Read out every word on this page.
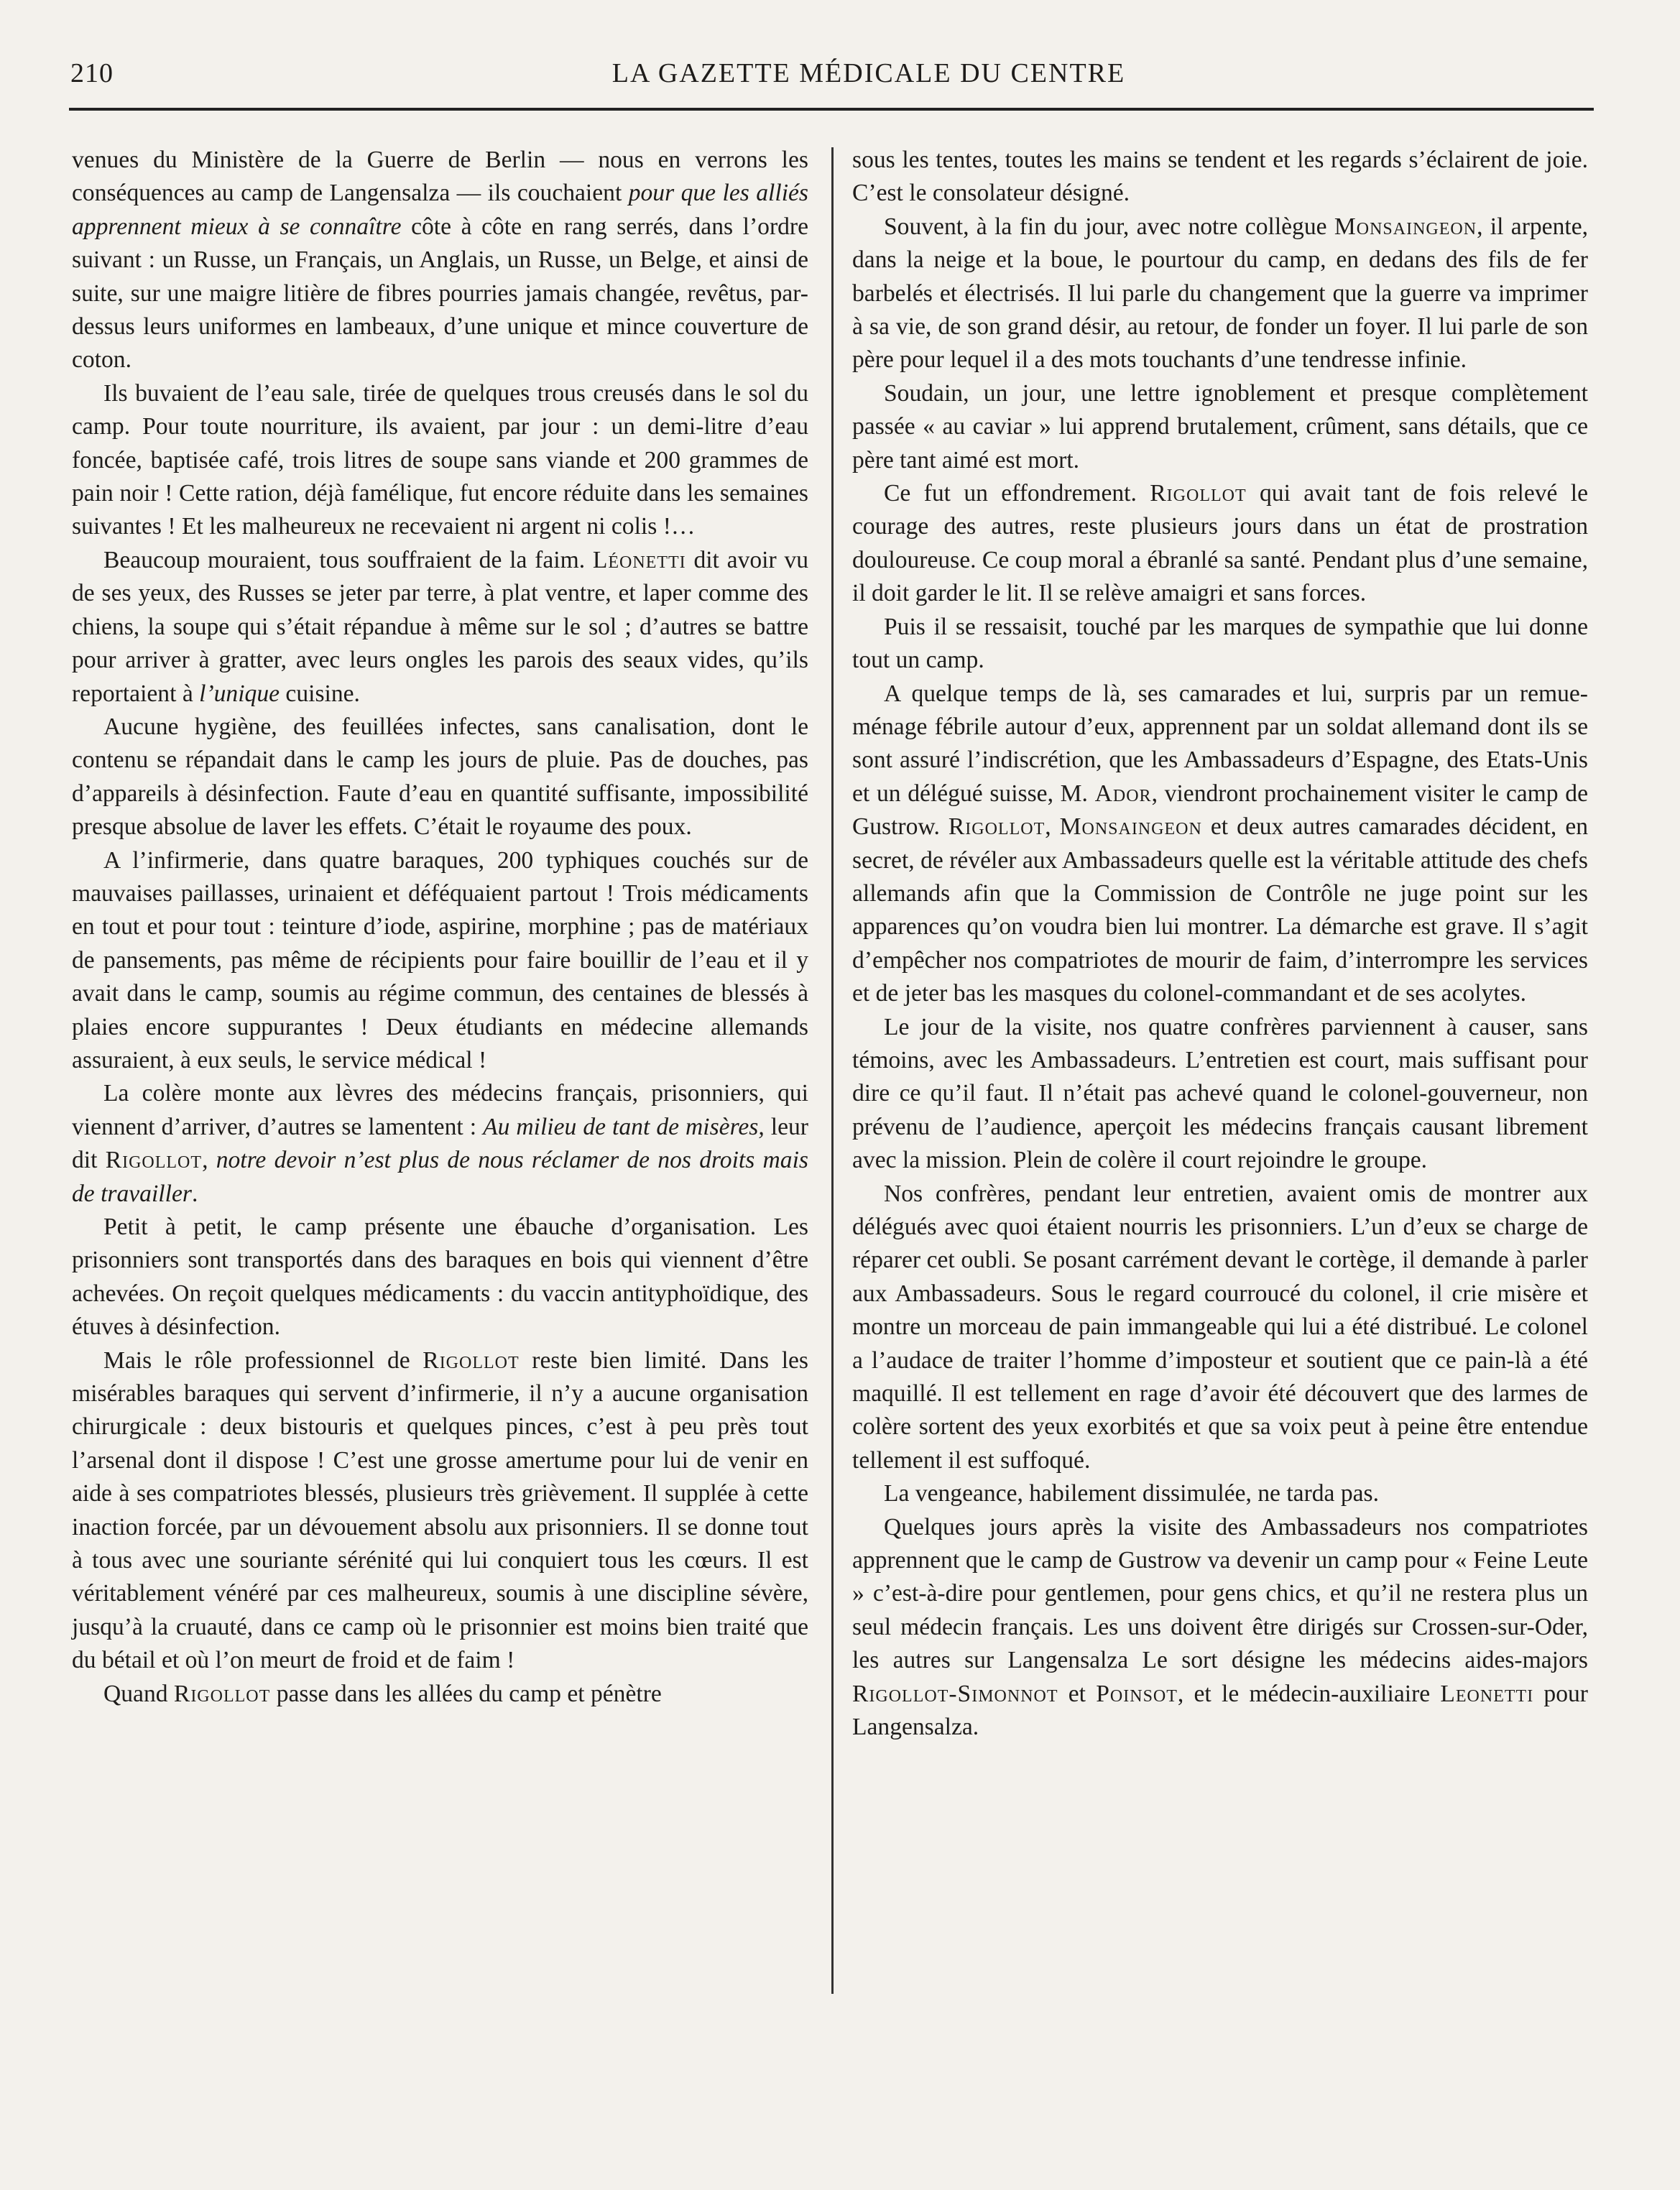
210	LA GAZETTE MÉDICALE DU CENTRE

venues du Ministère de la Guerre de Berlin — nous en verrons les conséquences au camp de Langensalza — ils couchaient pour que les alliés apprennent mieux à se connaître côte à côte en rang serrés, dans l’ordre suivant : un Russe, un Français, un Anglais, un Russe, un Belge, et ainsi de suite, sur une maigre litière de fibres pourries jamais changée, revêtus, par-dessus leurs uniformes en lambeaux, d’une unique et mince couverture de coton.

Ils buvaient de l’eau sale, tirée de quelques trous creusés dans le sol du camp. Pour toute nourriture, ils avaient, par jour : un demi-litre d’eau foncée, baptisée café, trois litres de soupe sans viande et 200 grammes de pain noir ! Cette ration, déjà famélique, fut encore réduite dans les semaines suivantes ! Et les malheureux ne recevaient ni argent ni colis !…

Beaucoup mouraient, tous souffraient de la faim. Léonetti dit avoir vu de ses yeux, des Russes se jeter par terre, à plat ventre, et laper comme des chiens, la soupe qui s’était répandue à même sur le sol ; d’autres se battre pour arriver à gratter, avec leurs ongles les parois des seaux vides, qu’ils reportaient à l’unique cuisine.

Aucune hygiène, des feuillées infectes, sans canalisation, dont le contenu se répandait dans le camp les jours de pluie. Pas de douches, pas d’appareils à désinfection. Faute d’eau en quantité suffisante, impossibilité presque absolue de laver les effets. C’était le royaume des poux.

A l’infirmerie, dans quatre baraques, 200 typhiques couchés sur de mauvaises paillasses, urinaient et déféquaient partout ! Trois médicaments en tout et pour tout : teinture d’iode, aspirine, morphine ; pas de matériaux de pansements, pas même de récipients pour faire bouillir de l’eau et il y avait dans le camp, soumis au régime commun, des centaines de blessés à plaies encore suppurantes ! Deux étudiants en médecine allemands assuraient, à eux seuls, le service médical !

La colère monte aux lèvres des médecins français, prisonniers, qui viennent d’arriver, d’autres se lamentent : Au milieu de tant de misères, leur dit Rigollot, notre devoir n’est plus de nous réclamer de nos droits mais de travailler.

Petit à petit, le camp présente une ébauche d’organisation. Les prisonniers sont transportés dans des baraques en bois qui viennent d’être achevées. On reçoit quelques médicaments : du vaccin antityphoïdique, des étuves à désinfection.

Mais le rôle professionnel de Rigollot reste bien limité. Dans les misérables baraques qui servent d’infirmerie, il n’y a aucune organisation chirurgicale : deux bistouris et quelques pinces, c’est à peu près tout l’arsenal dont il dispose ! C’est une grosse amertume pour lui de venir en aide à ses compatriotes blessés, plusieurs très grièvement. Il supplée à cette inaction forcée, par un dévouement absolu aux prisonniers. Il se donne tout à tous avec une souriante sérénité qui lui conquiert tous les cœurs. Il est véritablement vénéré par ces malheureux, soumis à une discipline sévère, jusqu’à la cruauté, dans ce camp où le prisonnier est moins bien traité que du bétail et où l’on meurt de froid et de faim !

Quand Rigollot passe dans les allées du camp et pénètre

sous les tentes, toutes les mains se tendent et les regards s’éclairent de joie. C’est le consolateur désigné.

Souvent, à la fin du jour, avec notre collègue Monsaingeon, il arpente, dans la neige et la boue, le pourtour du camp, en dedans des fils de fer barbelés et électrisés. Il lui parle du changement que la guerre va imprimer à sa vie, de son grand désir, au retour, de fonder un foyer. Il lui parle de son père pour lequel il a des mots touchants d’une tendresse infinie.

Soudain, un jour, une lettre ignoblement et presque complètement passée « au caviar » lui apprend brutalement, crûment, sans détails, que ce père tant aimé est mort.

Ce fut un effondrement. Rigollot qui avait tant de fois relevé le courage des autres, reste plusieurs jours dans un état de prostration douloureuse. Ce coup moral a ébranlé sa santé. Pendant plus d’une semaine, il doit garder le lit. Il se relève amaigri et sans forces.

Puis il se ressaisit, touché par les marques de sympathie que lui donne tout un camp.

A quelque temps de là, ses camarades et lui, surpris par un remue-ménage fébrile autour d’eux, apprennent par un soldat allemand dont ils se sont assuré l’indiscrétion, que les Ambassadeurs d’Espagne, des Etats-Unis et un délégué suisse, M. Ador, viendront prochainement visiter le camp de Gustrow. Rigollot, Monsaingeon et deux autres camarades décident, en secret, de révéler aux Ambassadeurs quelle est la véritable attitude des chefs allemands afin que la Commission de Contrôle ne juge point sur les apparences qu’on voudra bien lui montrer. La démarche est grave. Il s’agit d’empêcher nos compatriotes de mourir de faim, d’interrompre les services et de jeter bas les masques du colonel-commandant et de ses acolytes.

Le jour de la visite, nos quatre confrères parviennent à causer, sans témoins, avec les Ambassadeurs. L’entretien est court, mais suffisant pour dire ce qu’il faut. Il n’était pas achevé quand le colonel-gouverneur, non prévenu de l’audience, aperçoit les médecins français causant librement avec la mission. Plein de colère il court rejoindre le groupe.

Nos confrères, pendant leur entretien, avaient omis de montrer aux délégués avec quoi étaient nourris les prisonniers. L’un d’eux se charge de réparer cet oubli. Se posant carrément devant le cortège, il demande à parler aux Ambassadeurs. Sous le regard courroucé du colonel, il crie misère et montre un morceau de pain immangeable qui lui a été distribué. Le colonel a l’audace de traiter l’homme d’imposteur et soutient que ce pain-là a été maquillé. Il est tellement en rage d’avoir été découvert que des larmes de colère sortent des yeux exorbités et que sa voix peut à peine être entendue tellement il est suffoqué.

La vengeance, habilement dissimulée, ne tarda pas.

Quelques jours après la visite des Ambassadeurs nos compatriotes apprennent que le camp de Gustrow va devenir un camp pour « Feine Leute » c’est-à-dire pour gentlemen, pour gens chics, et qu’il ne restera plus un seul médecin français. Les uns doivent être dirigés sur Crossen-sur-Oder, les autres sur Langensalza Le sort désigne les médecins aides-majors Rigollot-Simonnot et Poinsot, et le médecin-auxiliaire Leonetti pour Langensalza.
